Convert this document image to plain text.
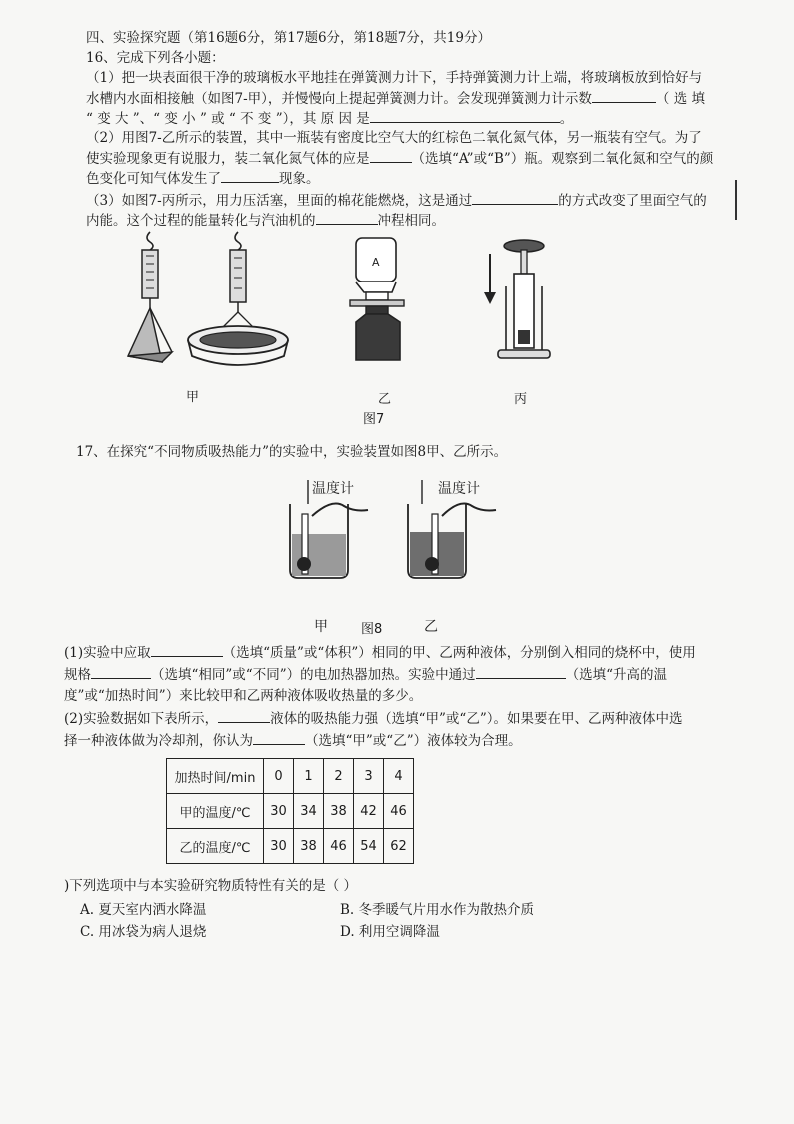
四、实验探究题（第16题6分，第17题6分，第18题7分，共19分）
16、完成下列各小题：
（1）把一块表面很干净的玻璃板水平地挂在弹簧测力计下，手持弹簧测力计上端，将玻璃板放到恰好与
水槽内水面相接触（如图7-甲），并慢慢向上提起弹簧测力计。会发现弹簧测力计示数	（ 选 填
“ 变 大 ”、“ 变 小 ” 或 “ 不 变 ”），其 原 因 是	。
（2）用图7-乙所示的装置，其中一瓶装有密度比空气大的红棕色二氧化氮气体，另一瓶装有空气。为了
使实验现象更有说服力，装二氧化氮气体的应是	（选填“A”或“B”）瓶。观察到二氧化氮和空气的颜
色变化可知气体发生了	现象。
（3）如图7-丙所示，用力压活塞，里面的棉花能燃烧，这是通过	的方式改变了里面空气的
内能。这个过程的能量转化与汽油机的	冲程相同。
A
甲	乙	丙
图7
17、在探究“不同物质吸热能力”的实验中，实验装置如图8甲、乙所示。
温度计	温度计
甲	图8	乙
(1)实验中应取	（选填“质量”或“体积”）相同的甲、乙两种液体，分别倒入相同的烧杯中，使用
规格	（选填“相同”或“不同”）的电加热器加热。实验中通过	（选填“升高的温
度”或“加热时间”）来比较甲和乙两种液体吸收热量的多少。
(2)实验数据如下表所示，	液体的吸热能力强（选填“甲”或“乙”）。如果要在甲、乙两种液体中选
择一种液体做为冷却剂，你认为	（选填“甲”或“乙”）液体较为合理。
加热时间/min	0	1	2	3	4
甲的温度/℃	30	34	38	42	46
乙的温度/℃	30	38	46	54	62
)下列选项中与本实验研究物质特性有关的是（ ）
A. 夏天室内洒水降温	B. 冬季暖气片用水作为散热介质
C. 用冰袋为病人退烧	D. 利用空调降温
